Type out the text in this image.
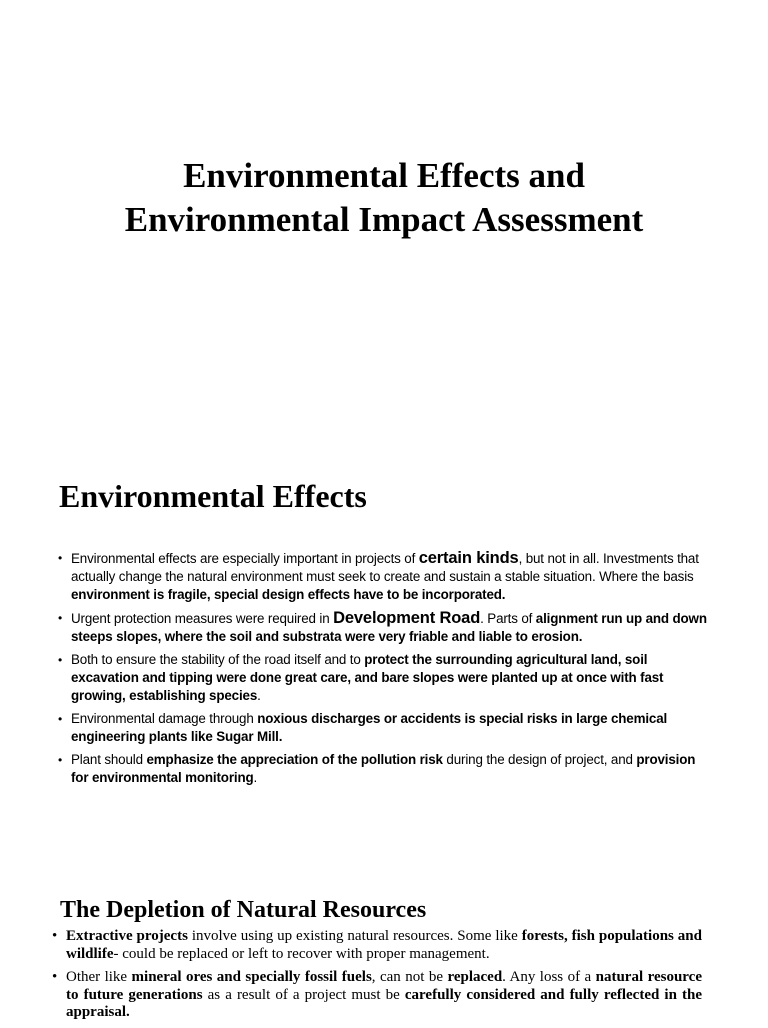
Environmental Effects and
Environmental Impact Assessment
Environmental Effects
• Environmental effects are especially important in projects of certain kinds, but not in all. Investments that actually change the natural environment must seek to create and sustain a stable situation. Where the basis environment is fragile, special design effects have to be incorporated.
• Urgent protection measures were required in Development Road. Parts of alignment run up and down steeps slopes, where the soil and substrata were very friable and liable to erosion.
• Both to ensure the stability of the road itself and to protect the surrounding agricultural land, soil excavation and tipping were done great care, and bare slopes were planted up at once with fast growing, establishing species.
• Environmental damage through noxious discharges or accidents is special risks in large chemical engineering plants like Sugar Mill.
• Plant should emphasize the appreciation of the pollution risk during the design of project, and provision for environmental monitoring.
The Depletion of Natural Resources
• Extractive projects involve using up existing natural resources. Some like forests, fish populations and wildlife- could be replaced or left to recover with proper management.
• Other like mineral ores and specially fossil fuels, can not be replaced. Any loss of a natural resource to future generations as a result of a project must be carefully considered and fully reflected in the appraisal.
